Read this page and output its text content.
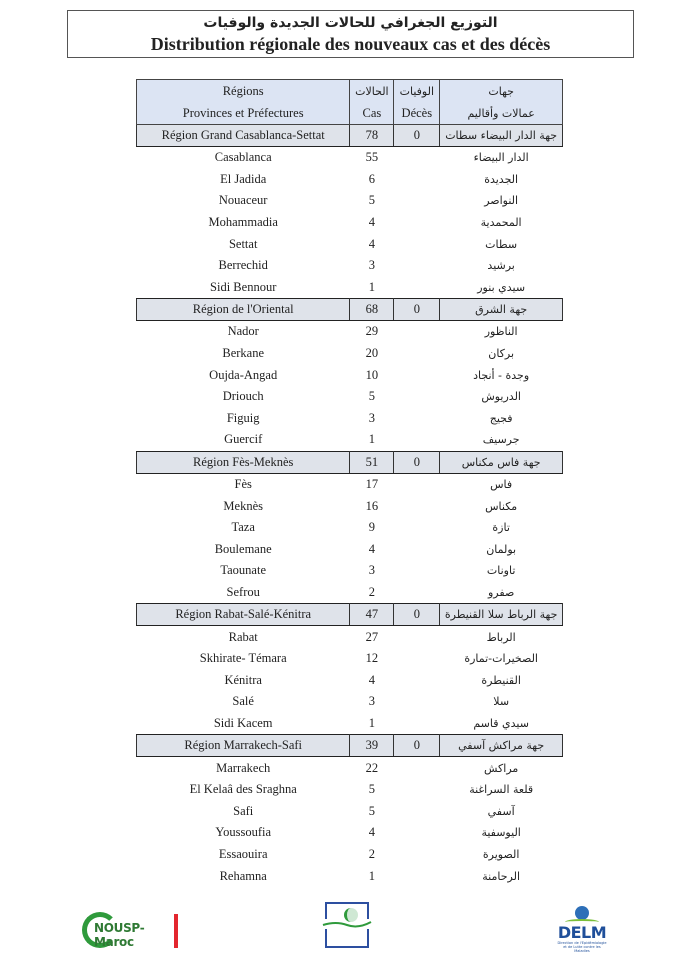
التوزيع الجغرافي للحالات الجديدة والوفيات
Distribution régionale des nouveaux cas et des décès
Régions	الحالات	الوفيات	جهات
Provinces et Préfectures	Cas	Décès	عمالات وأقاليم
Région Grand Casablanca-Settat	78	0	جهة الدار البيضاء سطات
Casablanca	55		الدار البيضاء
El Jadida	6		الجديدة
Nouaceur	5		النواصر
Mohammadia	4		المحمدية
Settat	4		سطات
Berrechid	3		برشيد
Sidi Bennour	1		سيدي بنور
Région de l'Oriental	68	0	جهة الشرق
Nador	29		الناظور
Berkane	20		بركان
Oujda-Angad	10		وجدة - أنجاد
Driouch	5		الدريوش
Figuig	3		فجيج
Guercif	1		جرسيف
Région Fès-Meknès	51	0	جهة فاس مكناس
Fès	17		فاس
Meknès	16		مكناس
Taza	9		تازة
Boulemane	4		بولمان
Taounate	3		تاونات
Sefrou	2		صفرو
Région Rabat-Salé-Kénitra	47	0	جهة الرباط سلا القنيطرة
Rabat	27		الرباط
Skhirate- Témara	12		الصخيرات-تمارة
Kénitra	4		القنيطرة
Salé	3		سلا
Sidi Kacem	1		سيدي قاسم
Région Marrakech-Safi	39	0	جهة مراكش آسفي
Marrakech	22		مراكش
El Kelaâ des Sraghna	5		قلعة السراغنة
Safi	5		آسفي
Youssoufia	4		اليوسفية
Essaouira	2		الصويرة
Rehamna	1		الرحامنة
NOUSP-Maroc	DELM
Direction de l'Epidémiologie et de Lutte contre les Maladies
